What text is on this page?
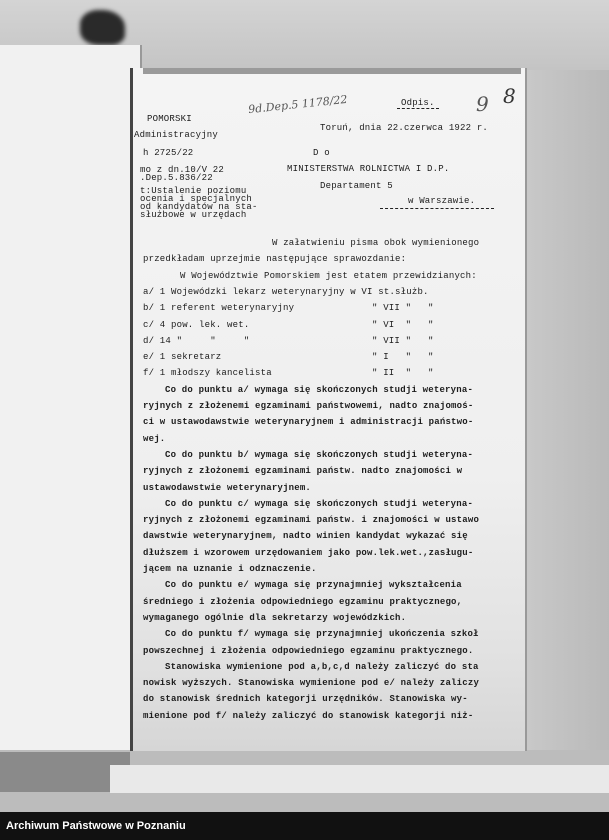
POMORSKI
Administracyjny
h 2725/22
mo z dn.10/V 22
.Dep.5.836/22
t:Ustalenie poziomu
ocenia i specjalnych
od kandydatów na sta-
służbowe w urzędach
9d.Dep.5 1178/22	9 8
Odpis.
Toruń, dnia 22.czerwca 1922 r.
D o
MINISTERSTWA ROLNICTWA I D.P.
Departament 5
w Warszawie.
W załatwieniu pisma obok wymienionego
przedkładam uprzejmie następujące sprawozdanie:
W Województwie Pomorskiem jest etatem przewidzianych:
a/ 1 Wojewódzki lekarz weterynaryjny w VI st.służb.
b/ 1 referent weterynaryjny	" VII "   "
c/ 4 pow. lek. wet.	" VI  "   "
d/ 14 "     "     "	" VII "   "
e/ 1 sekretarz	" I   "   "
f/ 1 młodszy kancelista	" II  "   "
Co do punktu a/ wymaga się skończonych studji weteryna-
ryjnych z złożenemi egzaminami państwowemi, nadto znajomoś-
ci w ustawodawstwie weterynaryjnem i administracji państwo-
wej.
Co do punktu b/ wymaga się skończonych studji weteryna-
ryjnych z złożonemi egzaminami państw. nadto znajomości w
ustawodawstwie weterynaryjnem.
Co do punktu c/ wymaga się skończonych studji weteryna-
ryjnych z złożonemi egzaminami państw. i znajomości w ustawo
dawstwie weterynaryjnem, nadto winien kandydat wykazać się
dłuższem i wzorowem urzędowaniem jako pow.lek.wet.,zasługu-
jącem na uznanie i odznaczenie.
Co do punktu e/ wymaga się przynajmniej wykształcenia
średniego i złożenia odpowiedniego egzaminu praktycznego,
wymaganego ogólnie dla sekretarzy wojewódzkich.
Co do punktu f/ wymaga się przynajmniej ukończenia szkoł
powszechnej i złożenia odpowiedniego egzaminu praktycznego.
Stanowiska wymienione pod a,b,c,d należy zaliczyć do sta
nowisk wyższych. Stanowiska wymienione pod e/ należy zaliczy
do stanowisk średnich kategorji urzędników. Stanowiska wy-
mienione pod f/ należy zaliczyć do stanowisk kategorji niż-
Archiwum Państwowe w Poznaniu
